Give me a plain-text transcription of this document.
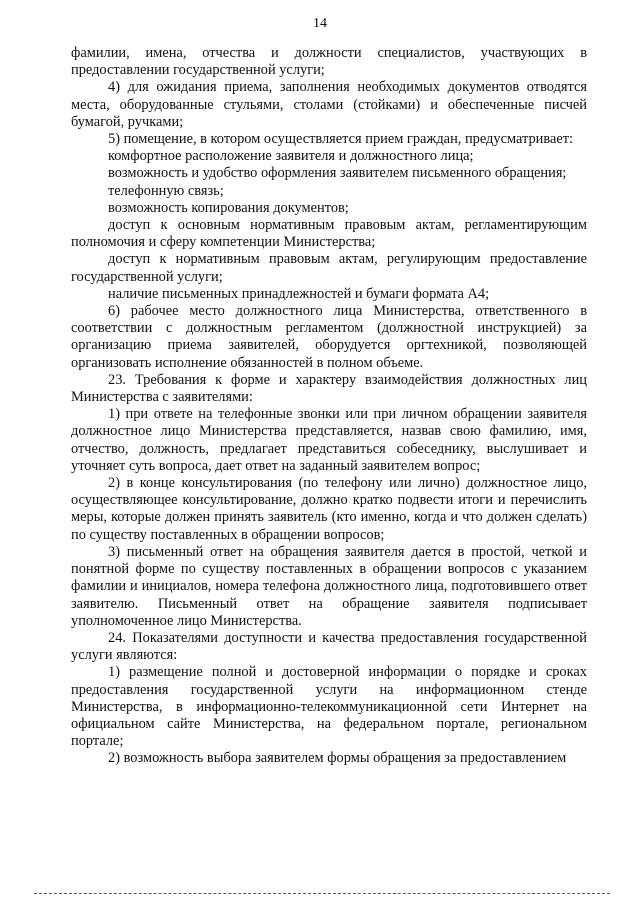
14

фамилии, имена, отчества и должности специалистов, участвующих в предоставлении государственной услуги;

4) для ожидания приема, заполнения необходимых документов отводятся места, оборудованные стульями, столами (стойками) и обеспеченные писчей бумагой, ручками;

5) помещение, в котором осуществляется прием граждан, предусматривает:

комфортное расположение заявителя и должностного лица;

возможность и удобство оформления заявителем письменного обращения;

телефонную связь;

возможность копирования документов;

доступ к основным нормативным правовым актам, регламентирующим полномочия и сферу компетенции Министерства;

доступ к нормативным правовым актам, регулирующим предоставление государственной услуги;

наличие письменных принадлежностей и бумаги формата А4;

6) рабочее место должностного лица Министерства, ответственного в соответствии с должностным регламентом (должностной инструкцией) за организацию приема заявителей, оборудуется оргтехникой, позволяющей организовать исполнение обязанностей в полном объеме.

23. Требования к форме и характеру взаимодействия должностных лиц Министерства с заявителями:

1) при ответе на телефонные звонки или при личном обращении заявителя должностное лицо Министерства представляется, назвав свою фамилию, имя, отчество, должность, предлагает представиться собеседнику, выслушивает и уточняет суть вопроса, дает ответ на заданный заявителем вопрос;

2) в конце консультирования (по телефону или лично) должностное лицо, осуществляющее консультирование, должно кратко подвести итоги и перечислить меры, которые должен принять заявитель (кто именно, когда и что должен сделать) по существу поставленных в обращении вопросов;

3) письменный ответ на обращения заявителя дается в простой, четкой и понятной форме по существу поставленных в обращении вопросов с указанием фамилии и инициалов, номера телефона должностного лица, подготовившего ответ заявителю. Письменный ответ на обращение заявителя подписывает уполномоченное лицо Министерства.

24. Показателями доступности и качества предоставления государственной услуги являются:

1) размещение полной и достоверной информации о порядке и сроках предоставления государственной услуги на информационном стенде Министерства, в информационно-телекоммуникационной сети Интернет на официальном сайте Министерства, на федеральном портале, региональном портале;

2) возможность выбора заявителем формы обращения за предоставлением
